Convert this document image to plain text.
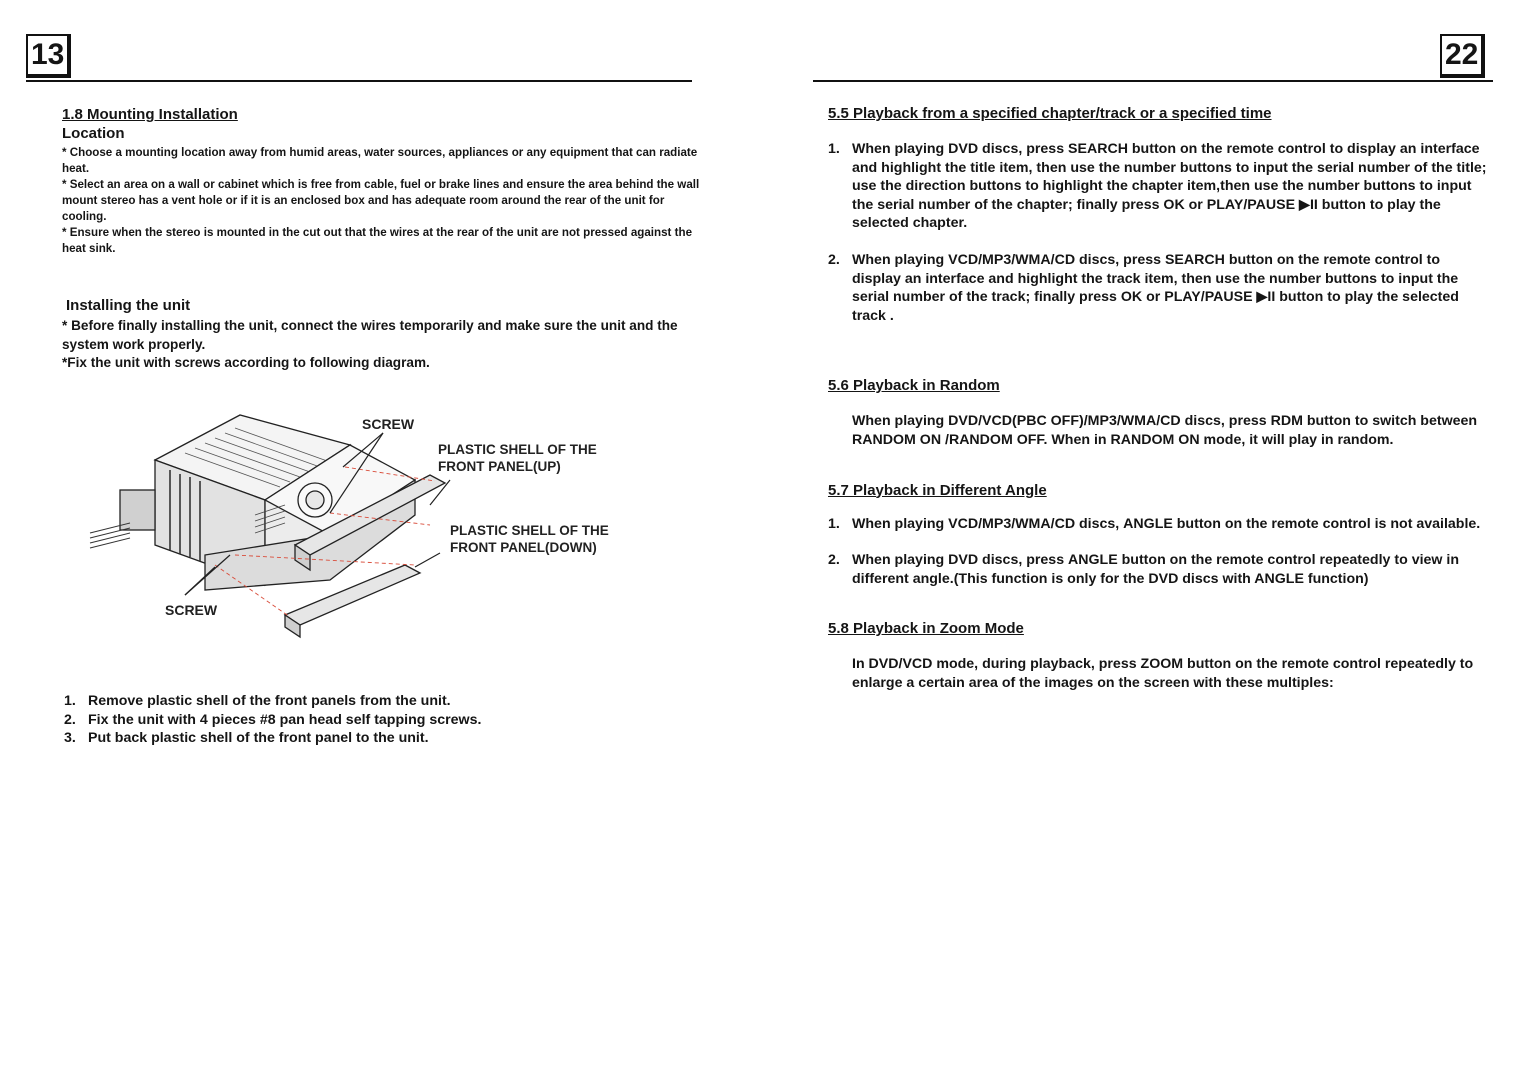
13	22

1.8 Mounting Installation

Location

* Choose a mounting location away from humid areas, water sources, appliances or any equipment that can radiate heat.

* Select an area on a wall or cabinet which is free from cable, fuel or brake lines and ensure the area behind the wall mount stereo has a vent hole or if it is an enclosed box and has adequate room around the rear of the unit for cooling.

* Ensure when the stereo is mounted in the cut out that the wires at the rear of the unit are not pressed against the heat sink.

Installing the unit

* Before finally installing the unit, connect the wires temporarily and make sure the unit and the system work properly.

*Fix the unit with screws according to following diagram.

SCREW
SCREW
PLASTIC SHELL OF THE
FRONT PANEL(UP)
PLASTIC SHELL OF THE
FRONT PANEL(DOWN)
1. Remove plastic shell of the front panels from the unit.
2. Fix the unit with 4 pieces #8 pan head self tapping screws.
3. Put back plastic shell of the front panel to the unit.

5.5 Playback from a specified chapter/track or a specified time

1. When playing DVD discs, press SEARCH button on the remote control to display an interface and highlight the title item, then use the number buttons to input the serial number of the title; use the direction buttons to highlight the chapter item,then use the number buttons to input the serial number of the chapter; finally press OK or PLAY/PAUSE ▶II button to play the selected chapter.
2. When playing VCD/MP3/WMA/CD discs, press SEARCH button on the remote control to display an interface and highlight the track item, then use the number buttons to input the serial number of the track; finally press OK or PLAY/PAUSE ▶II button to play the selected track .

5.6 Playback in Random

When playing DVD/VCD(PBC OFF)/MP3/WMA/CD discs, press RDM button to switch between RANDOM ON /RANDOM OFF. When in RANDOM ON mode, it will play in random.

5.7 Playback in Different Angle

1. When playing VCD/MP3/WMA/CD discs, ANGLE button on the remote control is not available.
2. When playing DVD discs, press ANGLE button on the remote control repeatedly to view in different angle.(This function is only for the DVD discs with ANGLE function)

5.8 Playback in Zoom Mode

In DVD/VCD mode, during playback, press ZOOM button on the remote control repeatedly to enlarge a certain area of the images on the screen with these multiples:
